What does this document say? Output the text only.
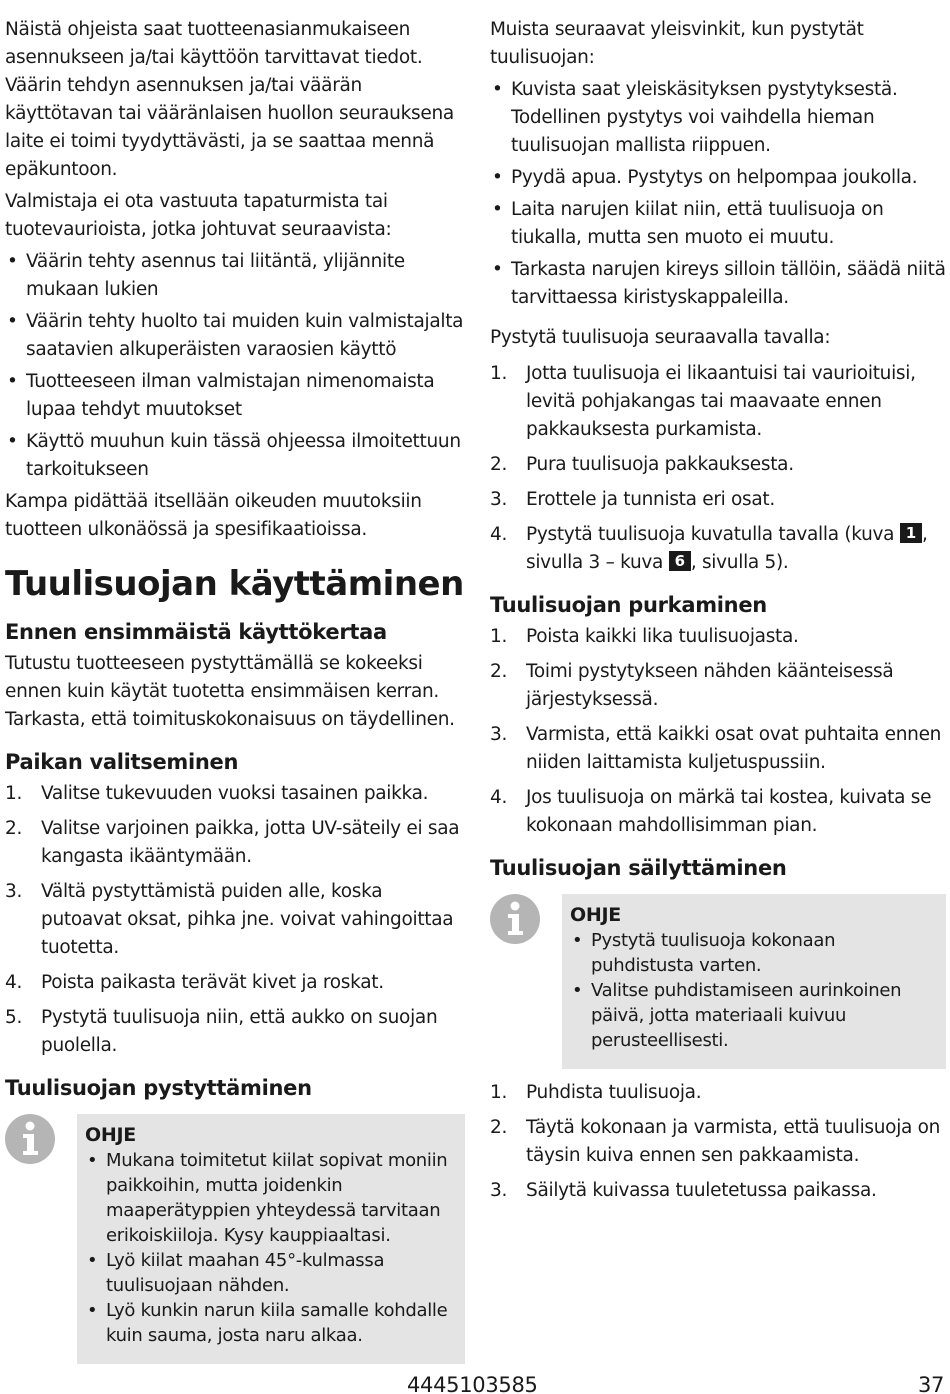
Näistä ohjeista saat tuotteenasianmukaiseen asennukseen ja/tai käyttöön tarvittavat tiedot. Väärin tehdyn asennuksen ja/tai väärän käyttötavan tai vääränlaisen huollon seurauksena laite ei toimi tyydyttävästi, ja se saattaa mennä epäkuntoon.

Valmistaja ei ota vastuuta tapaturmista tai tuotevaurioista, jotka johtuvat seuraavista:

• Väärin tehty asennus tai liitäntä, ylijännite mukaan lukien
• Väärin tehty huolto tai muiden kuin valmistajalta saatavien alkuperäisten varaosien käyttö
• Tuotteeseen ilman valmistajan nimenomaista lupaa tehdyt muutokset
• Käyttö muuhun kuin tässä ohjeessa ilmoitettuun tarkoitukseen

Kampa pidättää itsellään oikeuden muutoksiin tuotteen ulkonäössä ja spesifikaatioissa.

Tuulisuojan käyttäminen
Ennen ensimmäistä käyttökertaa

Tutustu tuotteeseen pystyttämällä se kokeeksi ennen kuin käytät tuotetta ensimmäisen kerran. Tarkasta, että toimituskokonaisuus on täydellinen.

Paikan valitseminen
1. Valitse tukevuuden vuoksi tasainen paikka.
2. Valitse varjoinen paikka, jotta UV-säteily ei saa kangasta ikääntymään.
3. Vältä pystyttämistä puiden alle, koska putoavat oksat, pihka jne. voivat vahingoittaa tuotetta.
4. Poista paikasta terävät kivet ja roskat.
5. Pystytä tuulisuoja niin, että aukko on suojan puolella.
Tuulisuojan pystyttäminen
OHJE
• Mukana toimitetut kiilat sopivat moniin paikkoihin, mutta joidenkin maaperätyppien yhteydessä tarvitaan erikoiskiiloja. Kysy kauppiaaltasi.
• Lyö kiilat maahan 45°-kulmassa tuulisuojaan nähden.
• Lyö kunkin narun kiila samalle kohdalle kuin sauma, josta naru alkaa.

Muista seuraavat yleisvinkit, kun pystytät tuulisuojan:

• Kuvista saat yleiskäsityksen pystytyksestä. Todellinen pystytys voi vaihdella hieman tuulisuojan mallista riippuen.
• Pyydä apua. Pystytys on helpompaa joukolla.
• Laita narujen kiilat niin, että tuulisuoja on tiukalla, mutta sen muoto ei muutu.
• Tarkasta narujen kireys silloin tällöin, säädä niitä tarvittaessa kiristyskappaleilla.

Pystytä tuulisuoja seuraavalla tavalla:

1. Jotta tuulisuoja ei likaantuisi tai vaurioituisi, levitä pohjakangas tai maavaate ennen pakkauksesta purkamista.
2. Pura tuulisuoja pakkauksesta.
3. Erottele ja tunnista eri osat.
4. Pystytä tuulisuoja kuvatulla tavalla (kuva 1 , sivulla 3 – kuva 6 , sivulla 5).
Tuulisuojan purkaminen
1. Poista kaikki lika tuulisuojasta.
2. Toimi pystytykseen nähden käänteisessä järjestyksessä.
3. Varmista, että kaikki osat ovat puhtaita ennen niiden laittamista kuljetuspussiin.
4. Jos tuulisuoja on märkä tai kostea, kuivata se kokonaan mahdollisimman pian.
Tuulisuojan säilyttäminen
OHJE
• Pystytä tuulisuoja kokonaan puhdistusta varten.
• Valitse puhdistamiseen aurinkoinen päivä, jotta materiaali kuivuu perusteellisesti.
1. Puhdista tuulisuoja.
2. Täytä kokonaan ja varmista, että tuulisuoja on täysin kuiva ennen sen pakkaamista.
3. Säilytä kuivassa tuuletetussa paikassa.
4445103585	37
